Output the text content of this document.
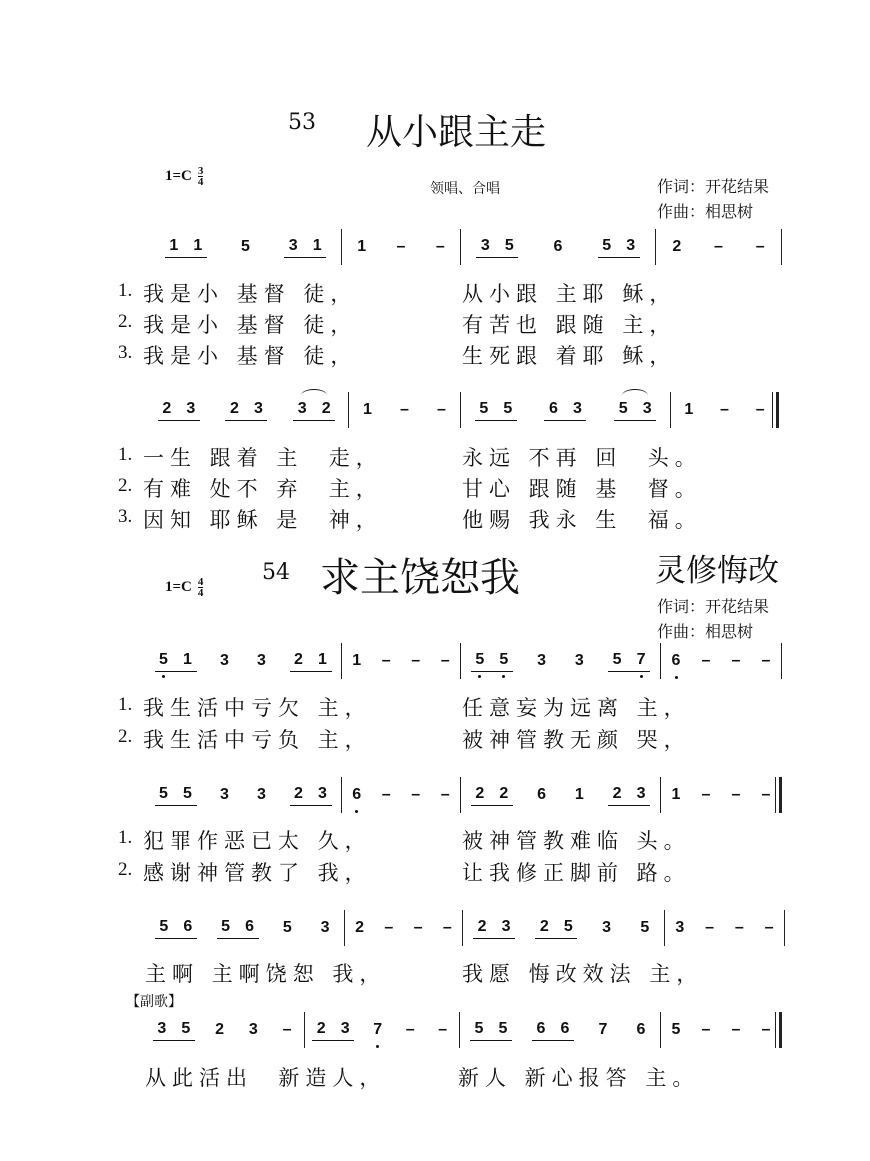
53 从小跟主走
$1=C \frac{3}{4}$
领唱、合唱	作词：开花结果
作曲：相思树
1 1 5 3 1 1 – – 3 5 6 5 3 2 – –
2 3 2 3 3 2 1 – – 5 5 6 3 5 3 1 – –
54 求主饶恕我	灵修悔改
$1=C \frac{4}{4}$
作词：开花结果
作曲：相思树
5 1 3 3 2 1 1 – – – 5 5 3 3 5 7 6 – – –
5 5 3 3 2 3 6 – – – 2 2 6 1 2 3 1 – – –
5 6 5 6 5 3 2 – – – 2 3 2 5 3 5 3 – – –
主啊 主啊饶恕 我，	我愿 悔改效法 主，
【副歌】
3 5 2 3 – 2 3 7 – – 5 5 6 6 7 6 5 – – –
从此活出  新造人，	新人 新心报答 主。
1. 我是小 基督 徒，	从小跟 主耶 稣，
2. 我是小 基督 徒，	有苦也 跟随 主，
3. 我是小 基督 徒，	生死跟 着耶 稣，
1. 一生 跟着 主  走，	永远 不再 回  头。
2. 有难 处不 弃  主，	甘心 跟随 基  督。
3. 因知 耶稣 是  神，	他赐 我永 生  福。
1. 我生活中亏欠 主，	任意妄为远离 主，
2. 我生活中亏负 主，	被神管教无颜 哭，
1. 犯罪作恶已太 久，	被神管教难临 头。
2. 感谢神管教了 我，	让我修正脚前 路。
